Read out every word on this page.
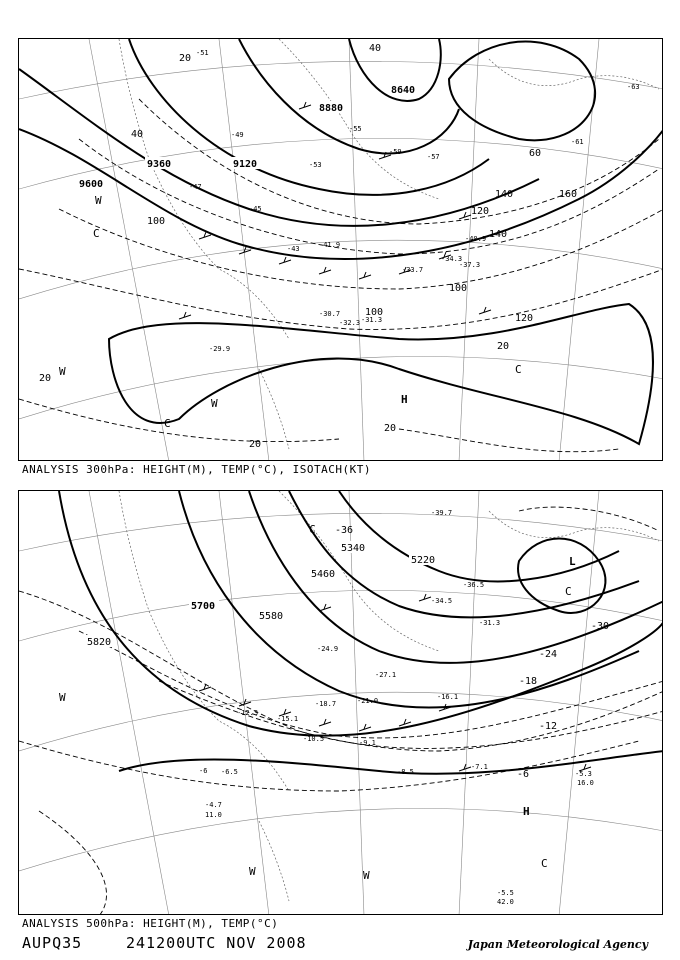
9600
9360	9120
8880
8640
20
20
20
20
20
40
40
60
100
100
100
120
120
140
140	160
H
C
C
C
W
W
W
-29.9
-30.7
-31.3
-32.3
-33.7
-34.3
-37.3
-40.9
-41.9
-43
-45
-47
-49
-51
-53
-55
-57
-59
-61
-63
ANALYSIS 300hPa: HEIGHT(M), TEMP(°C), ISOTACH(KT)
5820
5700
5580
5460
5340
5220
-6
-12
-18
-24
-30
-36
H
L
C
C
C
W
W	W
-4.7
-5.3
-5.5
-6 -6.5
-7.1
-8.5
-9.1
-10.5
-12.3
-15.1
-16.1
-18.7	-21.0
-24.9
-27.1
-31.3
-34.5
-36.5
-39.7
11.0
16.0
42.0
ANALYSIS 500hPa: HEIGHT(M), TEMP(°C)
AUPQ35	241200UTC NOV 2008	Japan Meteorological Agency
